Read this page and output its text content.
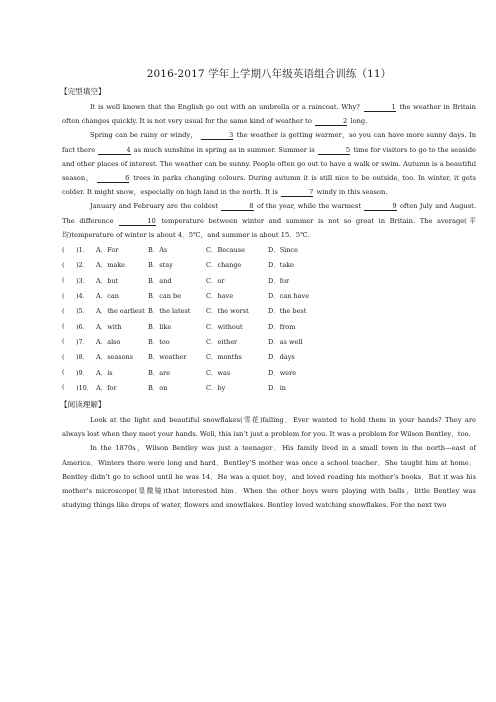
2016-2017 学年上学期八年级英语组合训练（11）
【完型填空】

It is well known that the English go out with an umbrella or a raincoat. Why?	1 the weather in Britain often changes quickly. It is not very usual for the same kind of weather to	2 long.

Spring can be rainy or windy，	3 the weather is getting warmer，so you can have more sunny days. In fact there	4 as much sunshine in spring as in summer. Summer is	5 time for visitors to go to the seaside and other places of interest. The weather can be sunny. People often go out to have a walk or swim. Autumn is a beautiful season，	6 trees in parks changing colours. During autumn it is still nice to be outside, too. In winter, it gets colder. It might snow，especially on high land in the north. It is	7 windy in this season.

January and February are the coldest	8 of the year, while the warmest	9 often July and August. The difference	10 temperature between winter and summer is not so great in Britain. The average(平均)temperature of winter is about 4．5℃，and summer is about 15．5℃.

(	)1．	A．For	B．As	C．Because	D．Since
(	)2．	A．make	B．stay	C．change	D．take
(	)3．	A．but	B．and	C．or	D．for
(	)4．	A．can	B．can be	C．have	D．can have
(	)5．	A．the earliest B．the latest	C．the worst	D．the best
(	)6．	A．with	B．like	C．without	D．from
(	)7．	A．also	B．too	C．either	D．as well
(	)8．	A．seasons	B．weather	C．months	D．days
(	)9．	A．is	B．are	C．was	D．were
(	)10． A．for	B．on	C．by	D．in
【阅读理解】

Look at the light and beautiful snowflakes(雪花)falling．Ever wanted to hold them in your hands? They are always lost when they meet your hands. Well, this isn’t just a problem for you. It was a problem for Wilson Bentley，too.

In the 1870s，Wilson Bentley was just a teenager．His family lived in a small town in the north—east of America．Winters there were long and hard．Bentley’S mother was once a school teacher．She taught him at home．Bentley didn’t go to school until he was 14．He was a quiet boy，and loved reading his mother’s books．But it was his mother’s microscope(显微镜)that interested him．When the other boys were playing with balls，little Bentley was studying things like drops of water, flowers and snowflakes. Bentley loved watching snowflakes. For the next two
